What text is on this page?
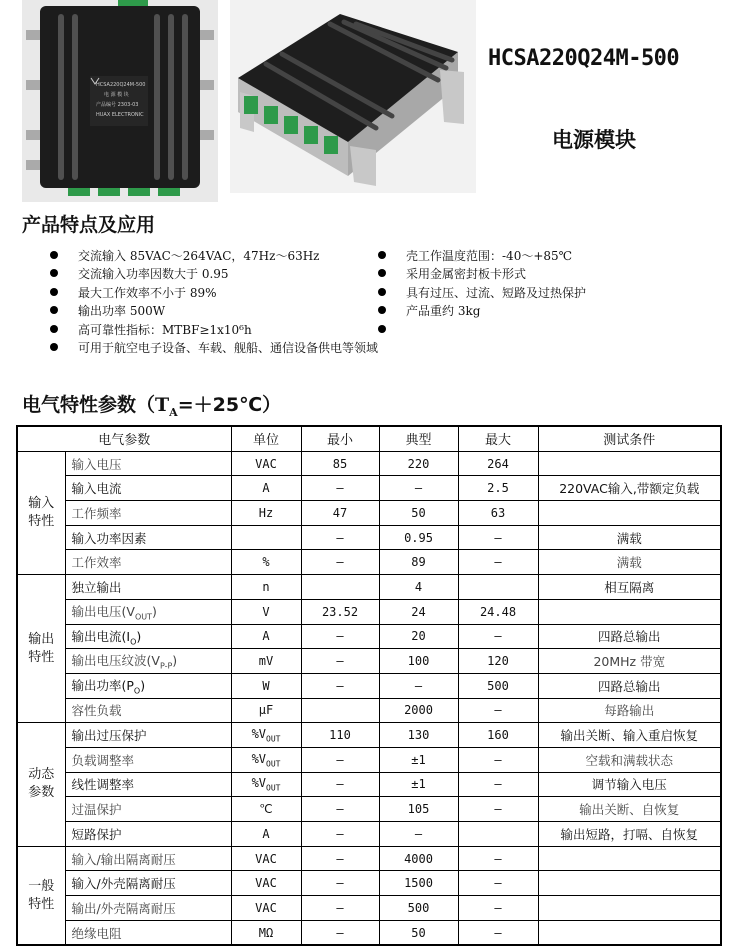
HCSA220Q24M-500
电 源 模 块
产品编号 2303-03
HUAX ELECTRONIC
HCSA220Q24M-500
电源模块
产品特点及应用
交流输入 85VAC～264VAC，47Hz～63Hz
交流输入功率因数大于 0.95
最大工作效率不小于 89%
输出功率 500W
高可靠性指标：MTBF≥1x10⁶h
可用于航空电子设备、车载、舰船、通信设备供电等领域
壳工作温度范围：-40～+85℃
采用金属密封板卡形式
具有过压、过流、短路及过热保护
产品重约 3kg
电气特性参数$(T_A=+25℃)$
电气参数		单位	最小	典型	最大	测试条件

输入
特性	输入电压	VAC	85	220	264	
	输入电流	A	—	—	2.5	220VAC输入,带额定负载
	工作频率	Hz	47	50	63	
	输入功率因素		—	0.95	—	满载
	工作效率	%	—	89	—	满载

输出
特性	独立输出	n		4		相互隔离
	输出电压$(V_{OUT})$	V	23.52	24	24.48	
	输出电流$(I_O)$	A	—	20	—	四路总输出
	输出电压纹波$(V_{P-P})$	mV	—	100	120	20MHz 带宽
	输出功率$(P_O)$	W	—	—	500	四路总输出
	容性负载	μF		2000	—	每路输出

动态
参数	输出过压保护	$\%V_{OUT}$	110	130	160	输出关断、输入重启恢复
	负载调整率	$\%V_{OUT}$	—	±1	—	空载和满载状态
	线性调整率	$\%V_{OUT}$	—	±1	—	调节输入电压
	过温保护	℃	—	105	—	输出关断、自恢复
	短路保护	A	—	—		输出短路，打嗝、自恢复

一般
特性	输入/输出隔离耐压	VAC	—	4000	—	
	输入/外壳隔离耐压	VAC	—	1500	—	
	输出/外壳隔离耐压	VAC	—	500	—	
	绝缘电阻	MΩ	—	50	—	
